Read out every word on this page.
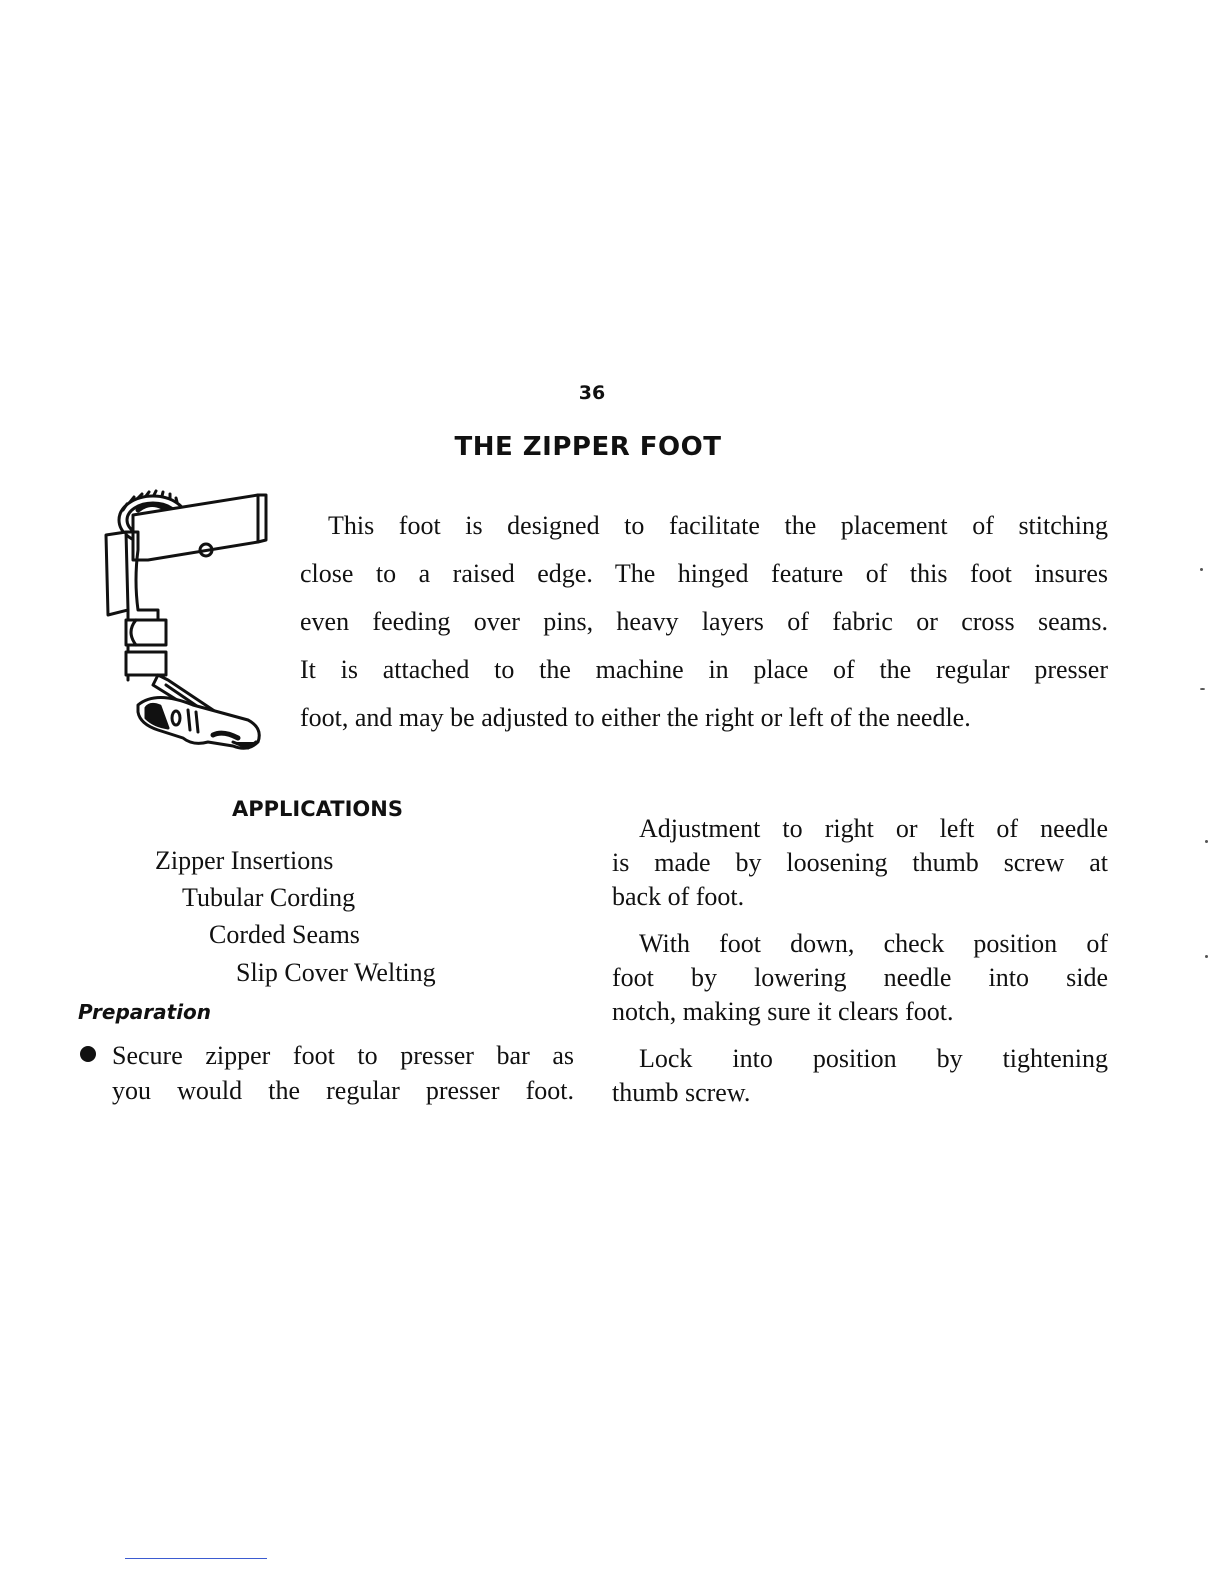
36
THE ZIPPER FOOT

This foot is designed to facilitate the placement of stitching

close to a raised edge. The hinged feature of this foot insures

even feeding over pins, heavy layers of fabric or cross seams.

It is attached to the machine in place of the regular presser

foot, and may be adjusted to either the right or left of the needle.

APPLICATIONS
Zipper Insertions
Tubular Cording
Corded Seams
Slip Cover Welting
Preparation

Secure zipper foot to presser bar as

you would the regular presser foot.

Adjustment to right or left of needle
is made by loosening thumb screw at
back of foot.

With foot down, check position of
foot by lowering needle into side
notch, making sure it clears foot.

Lock into position by tightening
thumb screw.
